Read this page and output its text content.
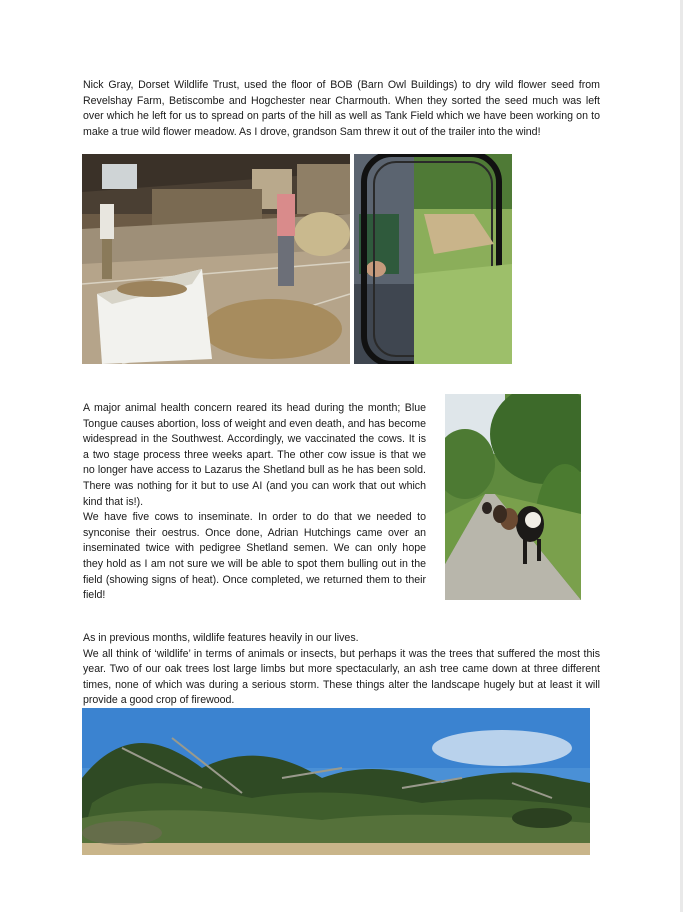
Nick Gray, Dorset Wildlife Trust, used the floor of BOB (Barn Owl Buildings) to dry wild flower seed from Revelshay Farm, Betiscombe and Hogchester near Charmouth. When they sorted the seed much was left over which he left for us to spread on parts of the hill as well as Tank Field which we have been working on to make a true wild flower meadow. As I drove, grandson Sam threw it out of the trailer into the wind!

A major animal health concern reared its head during the month; Blue Tongue causes abortion, loss of weight and even death, and has become widespread in the Southwest. Accordingly, we vaccinated the cows. It is a two stage process three weeks apart. The other cow issue is that we no longer have access to Lazarus the Shetland bull as he has been sold. There was nothing for it but to use AI (and you can work that out which kind that is!).

We have five cows to inseminate. In order to do that we needed to synconise their oestrus. Once done, Adrian Hutchings came over an inseminated twice with pedigree Shetland semen. We can only hope they hold as I am not sure we will be able to spot them bulling out in the field (showing signs of heat). Once completed, we returned them to their field!

As in previous months, wildlife features heavily in our lives.

We all think of ‘wildlife’ in terms of animals or insects, but perhaps it was the trees that suffered the most this year. Two of our oak trees lost large limbs but more spectacularly, an ash tree came down at three different times, none of which was during a serious storm. These things alter the landscape hugely but at least it will provide a good crop of firewood.
